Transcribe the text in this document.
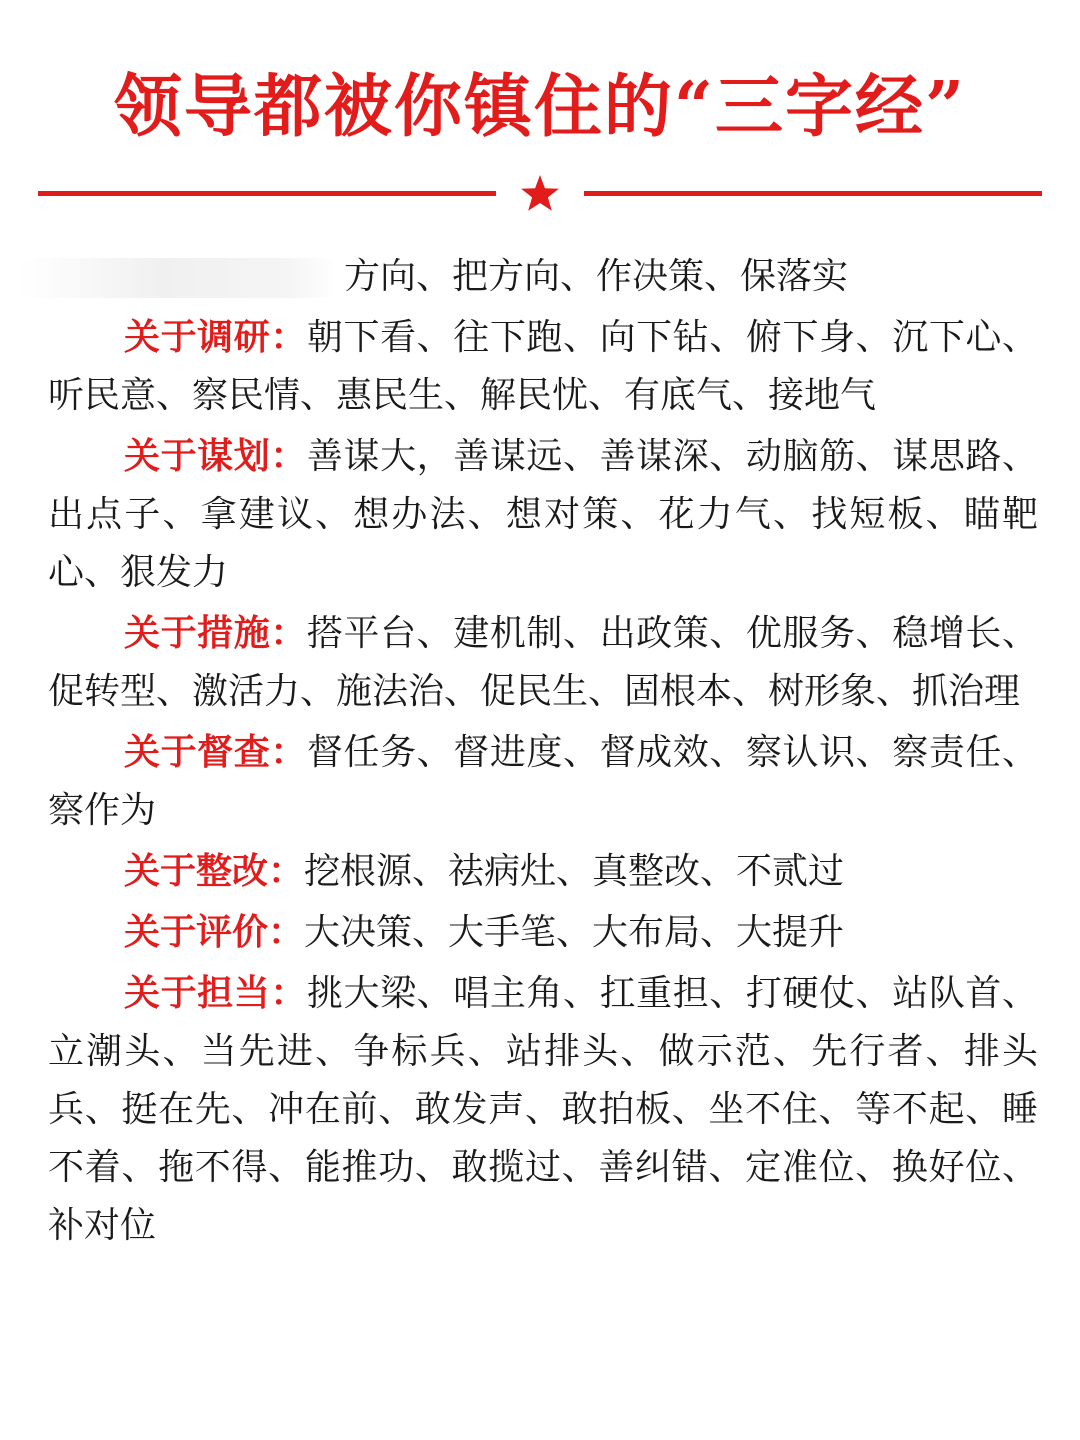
领导都被你镇住的“三字经”

方向、把方向、作决策、保落实

关于调研：朝下看、往下跑、向下钻、俯下身、沉下心、听民意、察民情、惠民生、解民忧、有底气、接地气

关于谋划：善谋大，善谋远、善谋深、动脑筋、谋思路、出点子、拿建议、想办法、想对策、花力气、找短板、瞄靶心、狠发力

关于措施：搭平台、建机制、出政策、优服务、稳增长、促转型、激活力、施法治、促民生、固根本、树形象、抓治理

关于督查：督任务、督进度、督成效、察认识、察责任、察作为

关于整改：挖根源、祛病灶、真整改、不贰过

关于评价：大决策、大手笔、大布局、大提升

关于担当：挑大梁、唱主角、扛重担、打硬仗、站队首、立潮头、当先进、争标兵、站排头、做示范、先行者、排头兵、挺在先、冲在前、敢发声、敢拍板、坐不住、等不起、睡不着、拖不得、能推功、敢揽过、善纠错、定准位、换好位、补对位
